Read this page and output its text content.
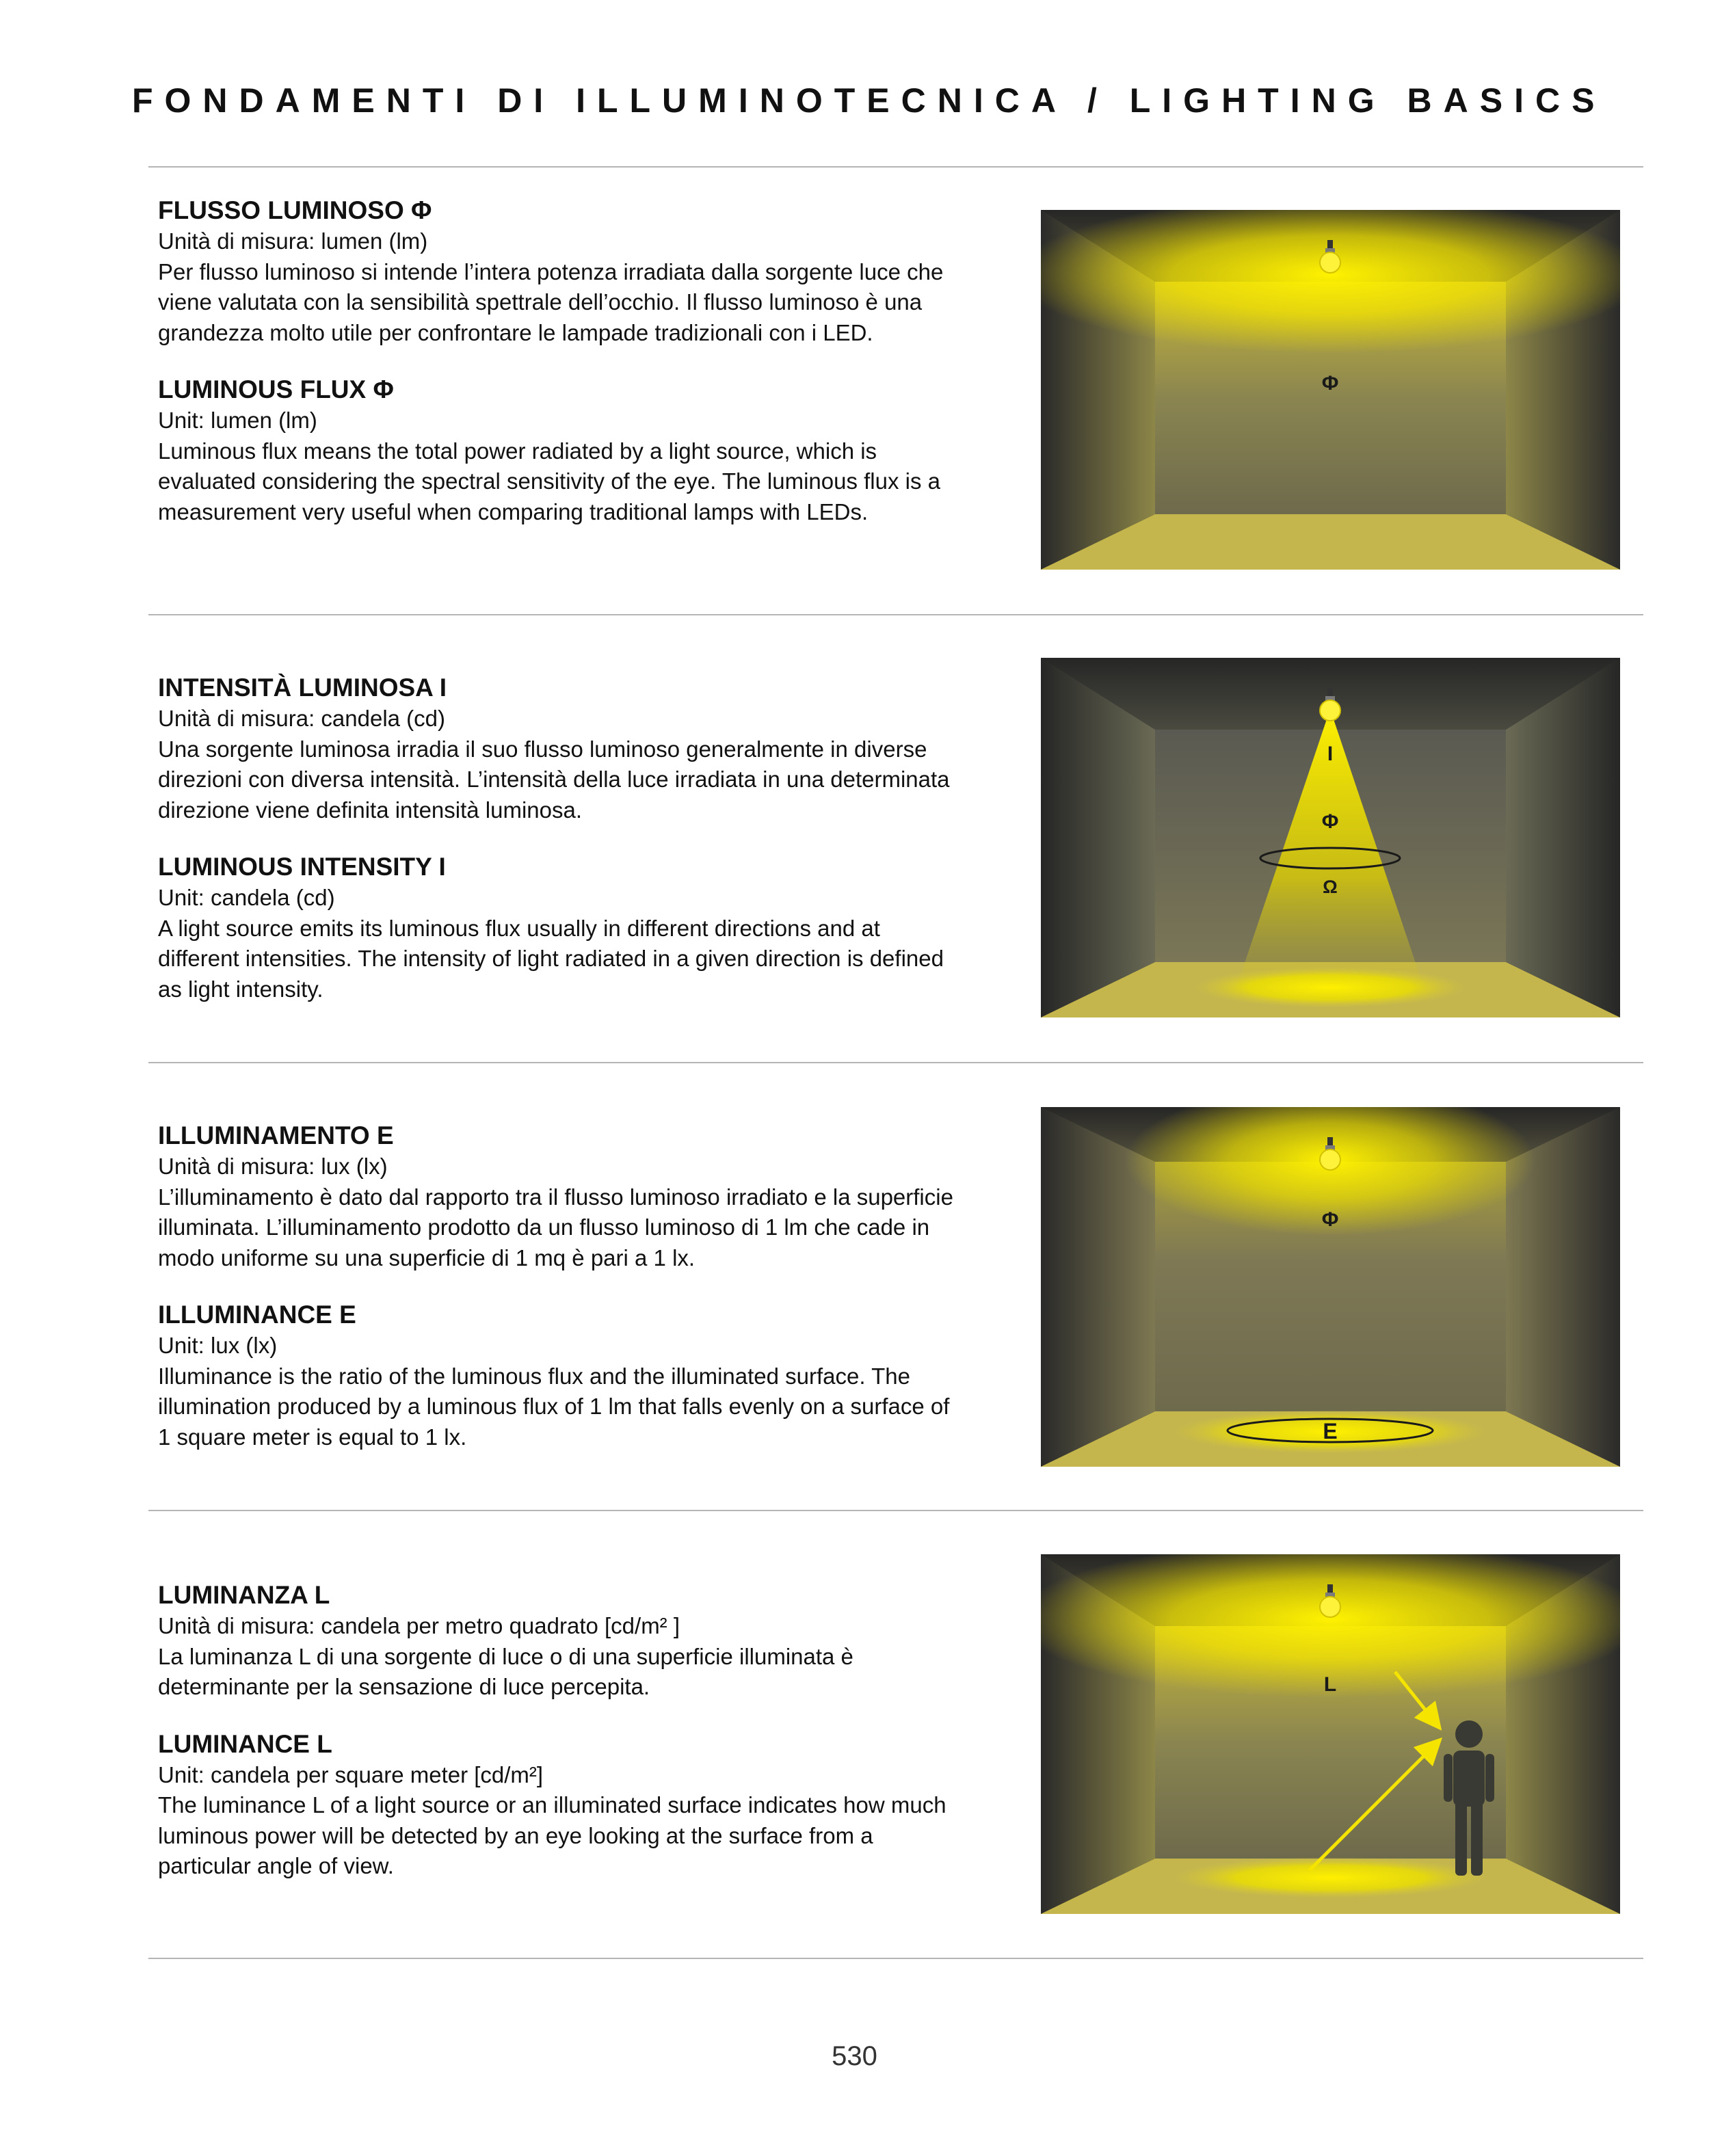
FONDAMENTI DI ILLUMINOTECNICA / LIGHTING BASICS

FLUSSO LUMINOSO Φ

Unità di misura: lumen (lm)

Per flusso luminoso si intende l’intera potenza irradiata dalla sorgente luce che viene valutata con la sensibilità spettrale dell’occhio. Il flusso luminoso è una grandezza molto utile per confrontare le lampade tradizionali con i LED.

LUMINOUS FLUX Φ

Unit: lumen (lm)

Luminous flux means the total power radiated by a light source, which is evaluated considering the spectral sensitivity of the eye. The luminous flux is a measurement very useful when comparing traditional lamps with LEDs.

Φ

INTENSITÀ LUMINOSA I

Unità di misura: candela (cd)

Una sorgente luminosa irradia il suo flusso luminoso generalmente in diverse direzioni con diversa intensità. L’intensità della luce irradiata in una determinata direzione viene definita intensità luminosa.

LUMINOUS INTENSITY I

Unit: candela (cd)

A light source emits its luminous flux usually in different directions and at different intensities. The intensity of light radiated in a given direction is defined as light intensity.

I
Φ
Ω

ILLUMINAMENTO E

Unità di misura: lux (lx)

L’illuminamento è dato dal rapporto tra il flusso luminoso irradiato e la superficie illuminata. L’illuminamento prodotto da un flusso luminoso di 1 lm che cade in modo uniforme su una superficie di 1 mq è pari a 1 lx.

ILLUMINANCE E

Unit: lux (lx)

Illuminance is the ratio of the luminous flux and the illuminated surface. The illumination produced by a luminous flux of 1 lm that falls evenly on a surface of 1 square meter is equal to 1 lx.

Φ
E

LUMINANZA L

Unità di misura: candela per metro quadrato [cd/m² ]

La luminanza L di una sorgente di luce o di una superficie illuminata è determinante per la sensazione di luce percepita.

LUMINANCE L

Unit: candela per square meter [cd/m²]

The luminance L of a light source or an illuminated surface indicates how much luminous power will be detected by an eye looking at the surface from a particular angle of view.

L
530
